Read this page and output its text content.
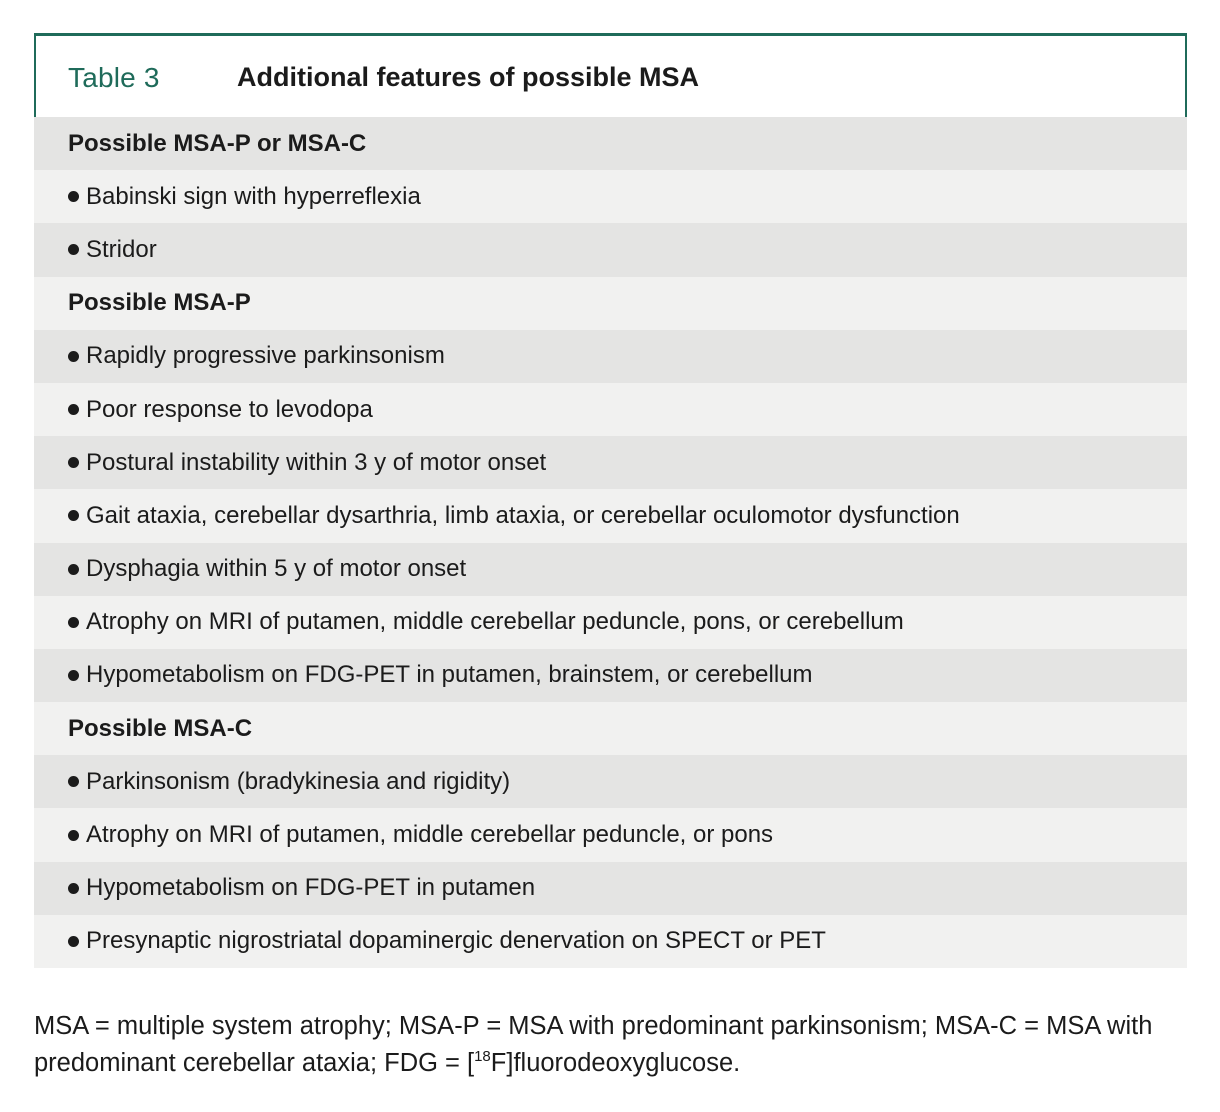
Table 3	Additional features of possible MSA
Possible MSA-P or MSA-C
Babinski sign with hyperreflexia
Stridor
Possible MSA-P
Rapidly progressive parkinsonism
Poor response to levodopa
Postural instability within 3 y of motor onset
Gait ataxia, cerebellar dysarthria, limb ataxia, or cerebellar oculomotor dysfunction
Dysphagia within 5 y of motor onset
Atrophy on MRI of putamen, middle cerebellar peduncle, pons, or cerebellum
Hypometabolism on FDG-PET in putamen, brainstem, or cerebellum
Possible MSA-C
Parkinsonism (bradykinesia and rigidity)
Atrophy on MRI of putamen, middle cerebellar peduncle, or pons
Hypometabolism on FDG-PET in putamen
Presynaptic nigrostriatal dopaminergic denervation on SPECT or PET
MSA = multiple system atrophy; MSA-P = MSA with predominant parkinsonism; MSA-C = MSA with predominant cerebellar ataxia; FDG = [$^{18}$F]fluorodeoxyglucose.
